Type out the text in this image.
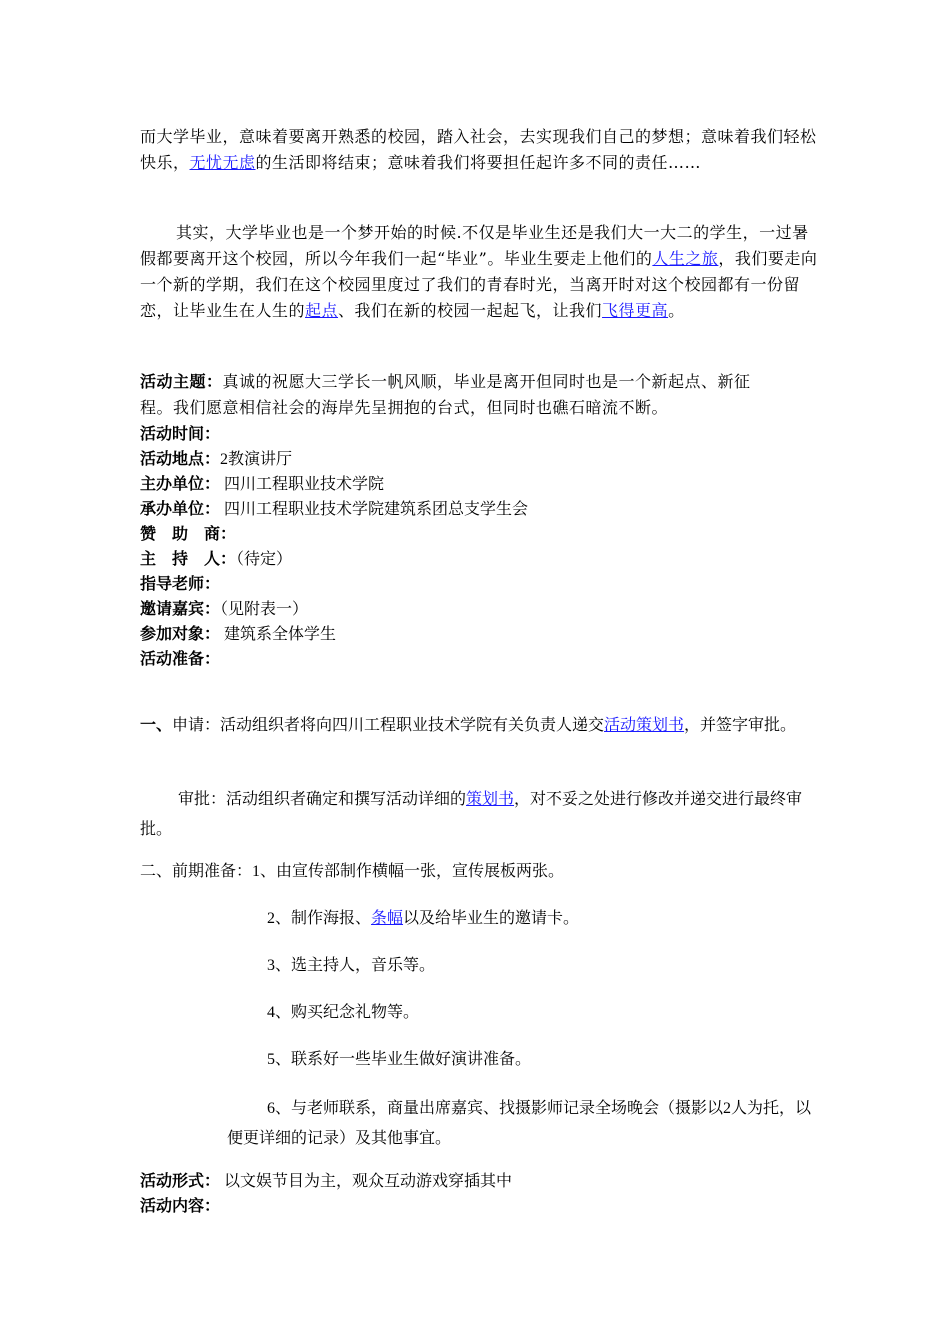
而大学毕业，意味着要离开熟悉的校园，踏入社会，去实现我们自己的梦想；意味着我们轻松快乐，无忧无虑的生活即将结束；意味着我们将要担任起许多不同的责任……

其实，大学毕业也是一个梦开始的时候.不仅是毕业生还是我们大一大二的学生，一过暑假都要离开这个校园，所以今年我们一起“毕业”。毕业生要走上他们的人生之旅，我们要走向一个新的学期，我们在这个校园里度过了我们的青春时光，当离开时对这个校园都有一份留恋，让毕业生在人生的起点、我们在新的校园一起起飞，让我们飞得更高。

活动主题：真诚的祝愿大三学长一帆风顺，毕业是离开但同时也是一个新起点、新征程。我们愿意相信社会的海岸先呈拥抱的台式，但同时也礁石暗流不断。
活动时间：
活动地点：2教演讲厅
主办单位： 四川工程职业技术学院
承办单位： 四川工程职业技术学院建筑系团总支学生会
赞　助　商：
主　持　人：（待定）
指导老师：
邀请嘉宾：（见附表一）
参加对象： 建筑系全体学生
活动准备：

一、申请：活动组织者将向四川工程职业技术学院有关负责人递交活动策划书，并签字审批。

审批：活动组织者确定和撰写活动详细的策划书，对不妥之处进行修改并递交进行最终审批。

二、前期准备：1、由宣传部制作横幅一张，宣传展板两张。

2、制作海报、条幅以及给毕业生的邀请卡。

3、选主持人，音乐等。

4、购买纪念礼物等。

5、联系好一些毕业生做好演讲准备。

6、与老师联系，商量出席嘉宾、找摄影师记录全场晚会（摄影以2人为托，以便更详细的记录）及其他事宜。

活动形式： 以文娱节目为主，观众互动游戏穿插其中
活动内容：
